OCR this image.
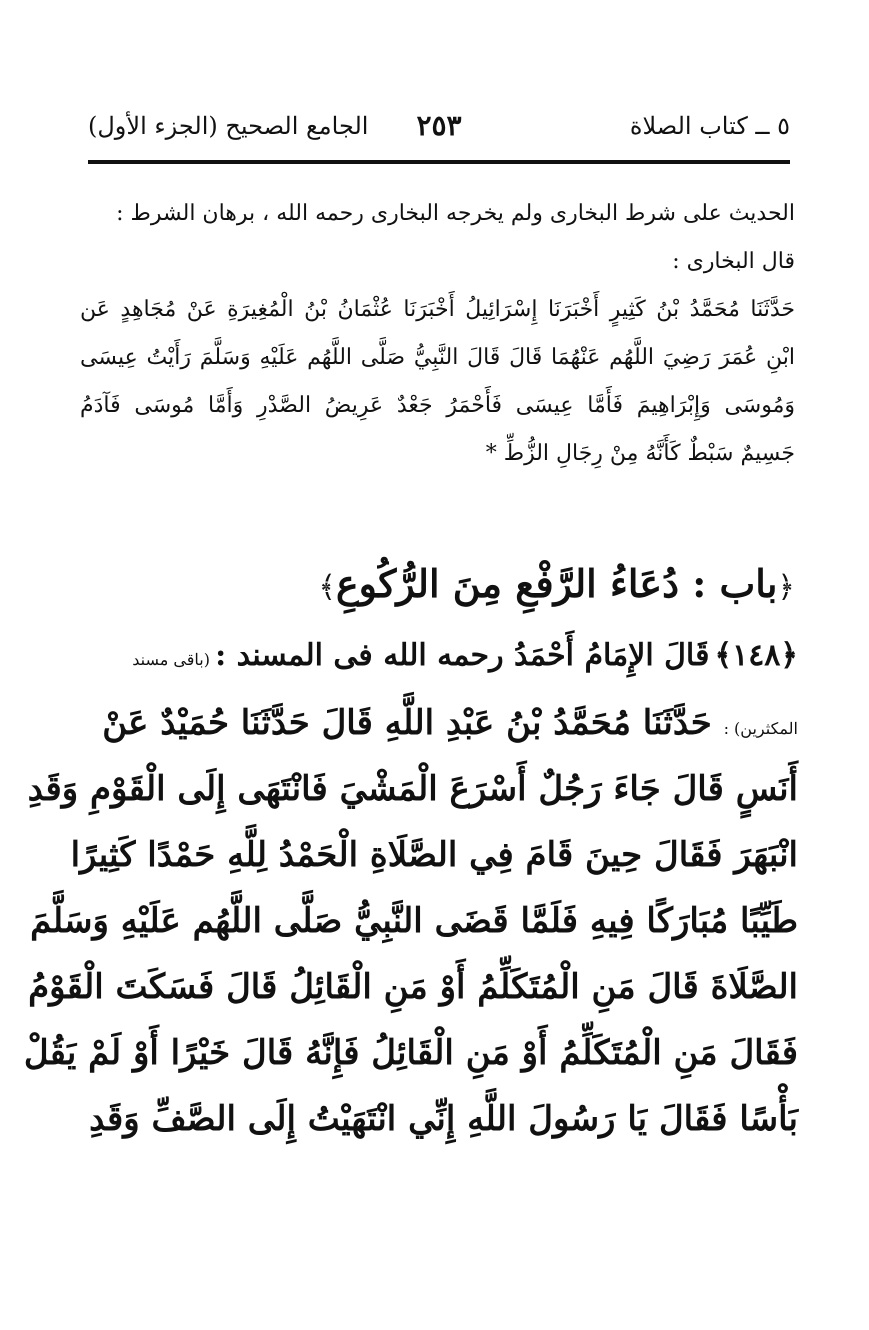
٥ ــ كتاب الصلاة
٢٥٣
الجامع الصحيح (الجزء الأول)
الحديث على شرط البخارى ولم يخرجه البخارى رحمه الله ، برهان الشرط :
قال البخارى :
حَدَّثَنَا مُحَمَّدُ بْنُ كَثِيرٍ أَخْبَرَنَا إِسْرَائِيلُ أَخْبَرَنَا عُثْمَانُ بْنُ الْمُغِيرَةِ عَنْ مُجَاهِدٍ عَن
ابْنِ عُمَرَ رَضِيَ اللَّهُم عَنْهُمَا قَالَ قَالَ النَّبِيُّ صَلَّى اللَّهُم عَلَيْهِ وَسَلَّمَ رَأَيْتُ عِيسَى
وَمُوسَى وَإِبْرَاهِيمَ فَأَمَّا عِيسَى فَأَحْمَرُ جَعْدٌ عَرِيضُ الصَّدْرِ وَأَمَّا مُوسَى فَآدَمُ
جَسِيمٌ سَبْطٌ كَأَنَّهُ مِنْ رِجَالِ الزُّطِّ *
﴿باب : دُعَاءُ الرَّفْعِ مِنَ الرُّكُوعِ﴾
﴿١٤٨﴾ قَالَ الإِمَامُ أَحْمَدُ رحمه الله فى المسند : (باقى مسند
المكثرين) : حَدَّثَنَا مُحَمَّدُ بْنُ عَبْدِ اللَّهِ قَالَ حَدَّثَنَا حُمَيْدٌ عَنْ
أَنَسٍ قَالَ جَاءَ رَجُلٌ أَسْرَعَ الْمَشْيَ فَانْتَهَى إِلَى الْقَوْمِ وَقَدِ
انْبَهَرَ فَقَالَ حِينَ قَامَ فِي الصَّلَاةِ الْحَمْدُ لِلَّهِ حَمْدًا كَثِيرًا
طَيِّبًا مُبَارَكًا فِيهِ فَلَمَّا قَضَى النَّبِيُّ صَلَّى اللَّهُم عَلَيْهِ وَسَلَّمَ
الصَّلَاةَ قَالَ مَنِ الْمُتَكَلِّمُ أَوْ مَنِ الْقَائِلُ قَالَ فَسَكَتَ الْقَوْمُ
فَقَالَ مَنِ الْمُتَكَلِّمُ أَوْ مَنِ الْقَائِلُ فَإِنَّهُ قَالَ خَيْرًا أَوْ لَمْ يَقُلْ
بَأْسًا فَقَالَ يَا رَسُولَ اللَّهِ إِنِّي انْتَهَيْتُ إِلَى الصَّفِّ وَقَدِ
